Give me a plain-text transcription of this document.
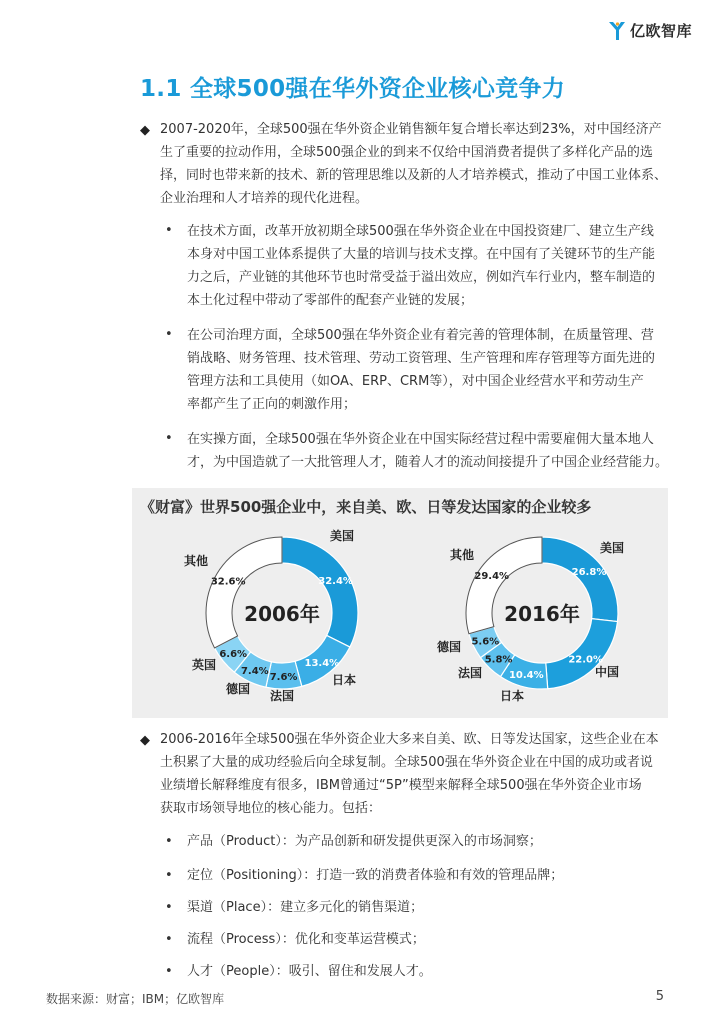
亿欧智库
1.1 全球500强在华外资企业核心竞争力
◆ 2007-2020年，全球500强在华外资企业销售额年复合增长率达到23%，对中国经济产
生了重要的拉动作用，全球500强企业的到来不仅给中国消费者提供了多样化产品的选
择，同时也带来新的技术、新的管理思维以及新的人才培养模式，推动了中国工业体系、
企业治理和人才培养的现代化进程。
• 在技术方面，改革开放初期全球500强在华外资企业在中国投资建厂、建立生产线
本身对中国工业体系提供了大量的培训与技术支撑。在中国有了关键环节的生产能
力之后，产业链的其他环节也时常受益于溢出效应，例如汽车行业内，整车制造的
本土化过程中带动了零部件的配套产业链的发展；
• 在公司治理方面，全球500强在华外资企业有着完善的管理体制，在质量管理、营
销战略、财务管理、技术管理、劳动工资管理、生产管理和库存管理等方面先进的
管理方法和工具使用（如OA、ERP、CRM等），对中国企业经营水平和劳动生产
率都产生了正向的刺激作用；
• 在实操方面，全球500强在华外资企业在中国实际经营过程中需要雇佣大量本地人
才，为中国造就了一大批管理人才，随着人才的流动间接提升了中国企业经营能力。
《财富》世界500强企业中，来自美、欧、日等发达国家的企业较多
32.4%
美国
13.4%
日本
7.6%
法国
7.4%
德国
6.6%
英国
32.6%
其他
2006年
26.8%
美国
22.0%
中国
10.4%
日本
5.8%
法国
5.6%
德国
29.4%
其他
2016年
◆ 2006-2016年全球500强在华外资企业大多来自美、欧、日等发达国家，这些企业在本
土积累了大量的成功经验后向全球复制。全球500强在华外资企业在中国的成功或者说
业绩增长解释维度有很多，IBM曾通过“5P”模型来解释全球500强在华外资企业市场
获取市场领导地位的核心能力。包括：
• 产品（Product）：为产品创新和研发提供更深入的市场洞察；
• 定位（Positioning）：打造一致的消费者体验和有效的管理品牌；
• 渠道（Place）：建立多元化的销售渠道；
• 流程（Process）：优化和变革运营模式；
• 人才（People）：吸引、留住和发展人才。
数据来源：财富；IBM；亿欧智库	5
